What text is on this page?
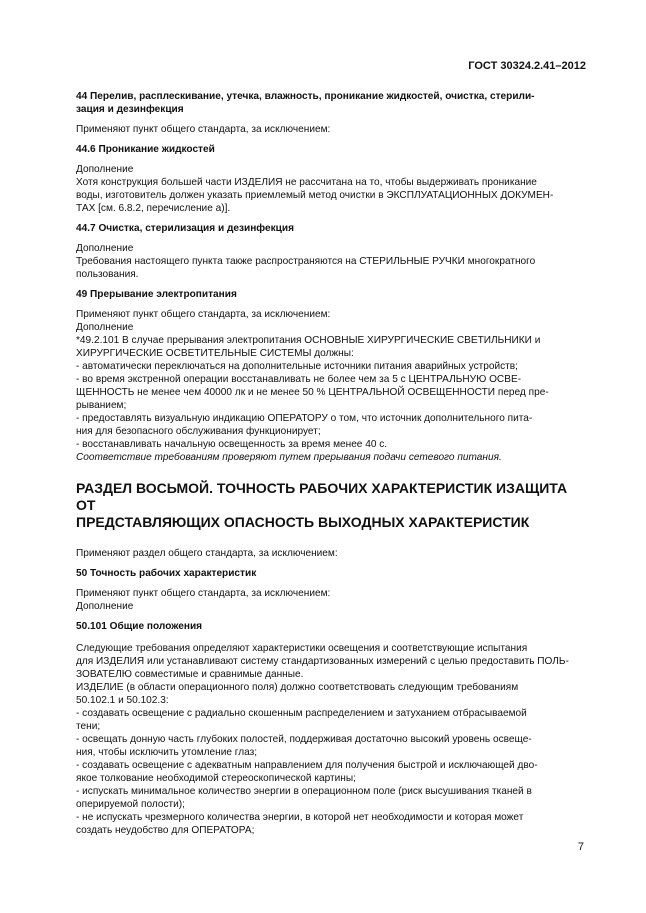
ГОСТ 30324.2.41–2012

44 Перелив, расплескивание, утечка, влажность, проникание жидкостей, очистка, стерили-

зация и дезинфекция

Применяют пункт общего стандарта, за исключением:

44.6 Проникание жидкостей

Дополнение

Хотя конструкция большей части ИЗДЕЛИЯ не рассчитана на то, чтобы выдерживать проникание

воды, изготовитель должен указать приемлемый метод очистки в ЭКСПЛУАТАЦИОННЫХ ДОКУМЕН-

ТАХ [см. 6.8.2, перечисление а)].

44.7 Очистка, стерилизация и дезинфекция

Дополнение

Требования настоящего пункта также распространяются на СТЕРИЛЬНЫЕ РУЧКИ многократного

пользования.

49 Прерывание электропитания

Применяют пункт общего стандарта, за исключением:

Дополнение

*49.2.101 В случае прерывания электропитания ОСНОВНЫЕ ХИРУРГИЧЕСКИЕ СВЕТИЛЬНИКИ и

ХИРУРГИЧЕСКИЕ ОСВЕТИТЕЛЬНЫЕ СИСТЕМЫ должны:

- автоматически переключаться на дополнительные источники питания аварийных устройств;

- во время экстренной операции восстанавливать не более чем за 5 с ЦЕНТРАЛЬНУЮ ОСВЕ-

ЩЕННОСТЬ не менее чем 40000 лк и не менее 50 % ЦЕНТРАЛЬНОЙ ОСВЕЩЕННОСТИ перед пре-

рыванием;

- предоставлять визуальную индикацию ОПЕРАТОРУ о том, что источник дополнительного пита-

ния для безопасного обслуживания функционирует;

- восстанавливать начальную освещенность за время менее 40 с.

Соответствие требованиям проверяют путем прерывания подачи сетевого питания.

РАЗДЕЛ ВОСЬМОЙ. ТОЧНОСТЬ РАБОЧИХ ХАРАКТЕРИСТИК ИЗАЩИТА ОТ

ПРЕДСТАВЛЯЮЩИХ ОПАСНОСТЬ ВЫХОДНЫХ ХАРАКТЕРИСТИК

Применяют раздел общего стандарта, за исключением:

50 Точность рабочих характеристик

Применяют пункт общего стандарта, за исключением:

Дополнение

50.101 Общие положения

Следующие требования определяют характеристики освещения и соответствующие испытания

для ИЗДЕЛИЯ или устанавливают систему стандартизованных измерений с целью предоставить ПОЛЬ-

ЗОВАТЕЛЮ совместимые и сравнимые данные.

ИЗДЕЛИЕ (в области операционного поля) должно соответствовать следующим требованиям

50.102.1 и 50.102.3:

- создавать освещение с радиально скошенным распределением и затуханием отбрасываемой

тени;

- освещать донную часть глубоких полостей, поддерживая достаточно высокий уровень освеще-

ния, чтобы исключить утомление глаз;

- создавать освещение с адекватным направлением для получения быстрой и исключающей дво-

якое толкование необходимой стереоскопической картины;

- испускать минимальное количество энергии в операционном поле (риск высушивания тканей в

оперируемой полости);

- не испускать чрезмерного количества энергии, в которой нет необходимости и которая может

создать неудобство для ОПЕРАТОРА;

7
